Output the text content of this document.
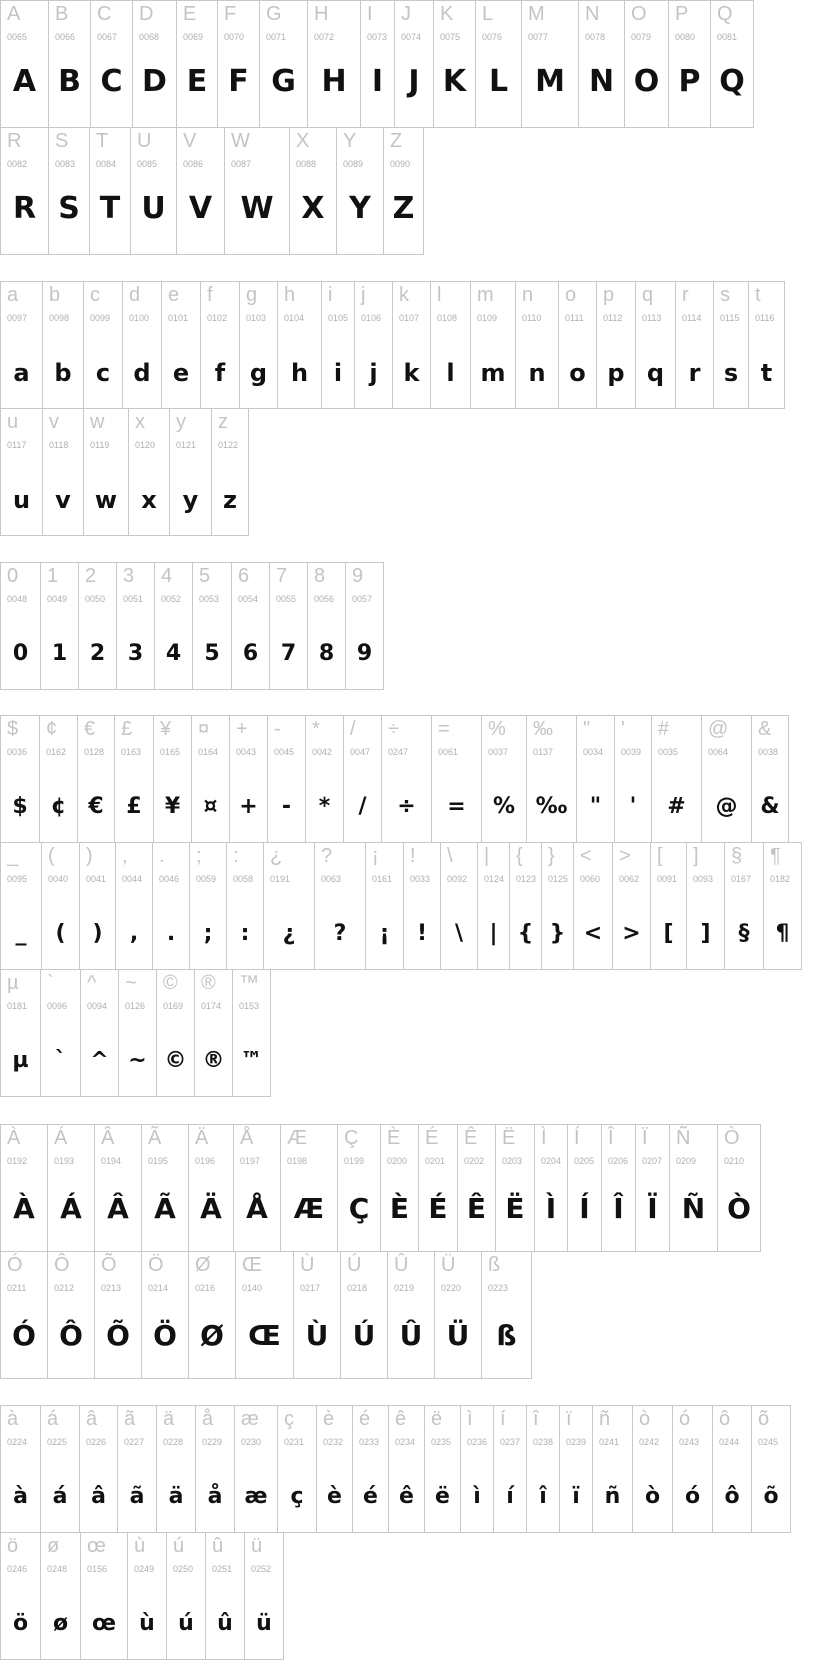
A
0065
A
B
0066
B
C
0067
C
D
0068
D
E
0069
E
F
0070
F
G
0071
G
H
0072
H
I
0073
I
J
0074
J
K
0075
K
L
0076
L
M
0077
M
N
0078
N
O
0079
O
P
0080
P
Q
0081
Q
R
0082
R
S
0083
S
T
0084
T
U
0085
U
V
0086
V
W
0087
W
X
0088
X
Y
0089
Y
Z
0090
Z
a
0097
a
b
0098
b
c
0099
c
d
0100
d
e
0101
e
f
0102
f
g
0103
g
h
0104
h
i
0105
i
j
0106
j
k
0107
k
l
0108
l
m
0109
m
n
0110
n
o
0111
o
p
0112
p
q
0113
q
r
0114
r
s
0115
s
t
0116
t
u
0117
u
v
0118
v
w
0119
w
x
0120
x
y
0121
y
z
0122
z
0
0048
0
1
0049
1
2
0050
2
3
0051
3
4
0052
4
5
0053
5
6
0054
6
7
0055
7
8
0056
8
9
0057
9
$
0036
$
¢
0162
¢
€
0128
€
£
0163
£
¥
0165
¥
¤
0164
¤
+
0043
+
-
0045
-
*
0042
*
/
0047
/
÷
0247
÷
=
0061
=
%
0037
%
‰
0137
‰
"
0034
"
'
0039
'
#
0035
#
@
0064
@
&
0038
&
_
0095
_
(
0040
(
)
0041
)
,
0044
,
.
0046
.
;
0059
;
:
0058
:
¿
0191
¿
?
0063
?
¡
0161
¡
!
0033
!
\
0092
\
|
0124
|
{
0123
{
}
0125
}
<
0060
<
>
0062
>
[
0091
[
]
0093
]
§
0167
§
¶
0182
¶
µ
0181
µ
`
0096
`
^
0094
^
~
0126
~
©
0169
©
®
0174
®
™
0153
™
À
0192
À
Á
0193
Á
Â
0194
Â
Ã
0195
Ã
Ä
0196
Ä
Å
0197
Å
Æ
0198
Æ
Ç
0199
Ç
È
0200
È
É
0201
É
Ê
0202
Ê
Ë
0203
Ë
Ì
0204
Ì
Í
0205
Í
Î
0206
Î
Ï
0207
Ï
Ñ
0209
Ñ
Ò
0210
Ò
Ó
0211
Ó
Ô
0212
Ô
Õ
0213
Õ
Ö
0214
Ö
Ø
0216
Ø
Œ
0140
Œ
Ù
0217
Ù
Ú
0218
Ú
Û
0219
Û
Ü
0220
Ü
ß
0223
ß
à
0224
à
á
0225
á
â
0226
â
ã
0227
ã
ä
0228
ä
å
0229
å
æ
0230
æ
ç
0231
ç
è
0232
è
é
0233
é
ê
0234
ê
ë
0235
ë
ì
0236
ì
í
0237
í
î
0238
î
ï
0239
ï
ñ
0241
ñ
ò
0242
ò
ó
0243
ó
ô
0244
ô
õ
0245
õ
ö
0246
ö
ø
0248
ø
œ
0156
œ
ù
0249
ù
ú
0250
ú
û
0251
û
ü
0252
ü
